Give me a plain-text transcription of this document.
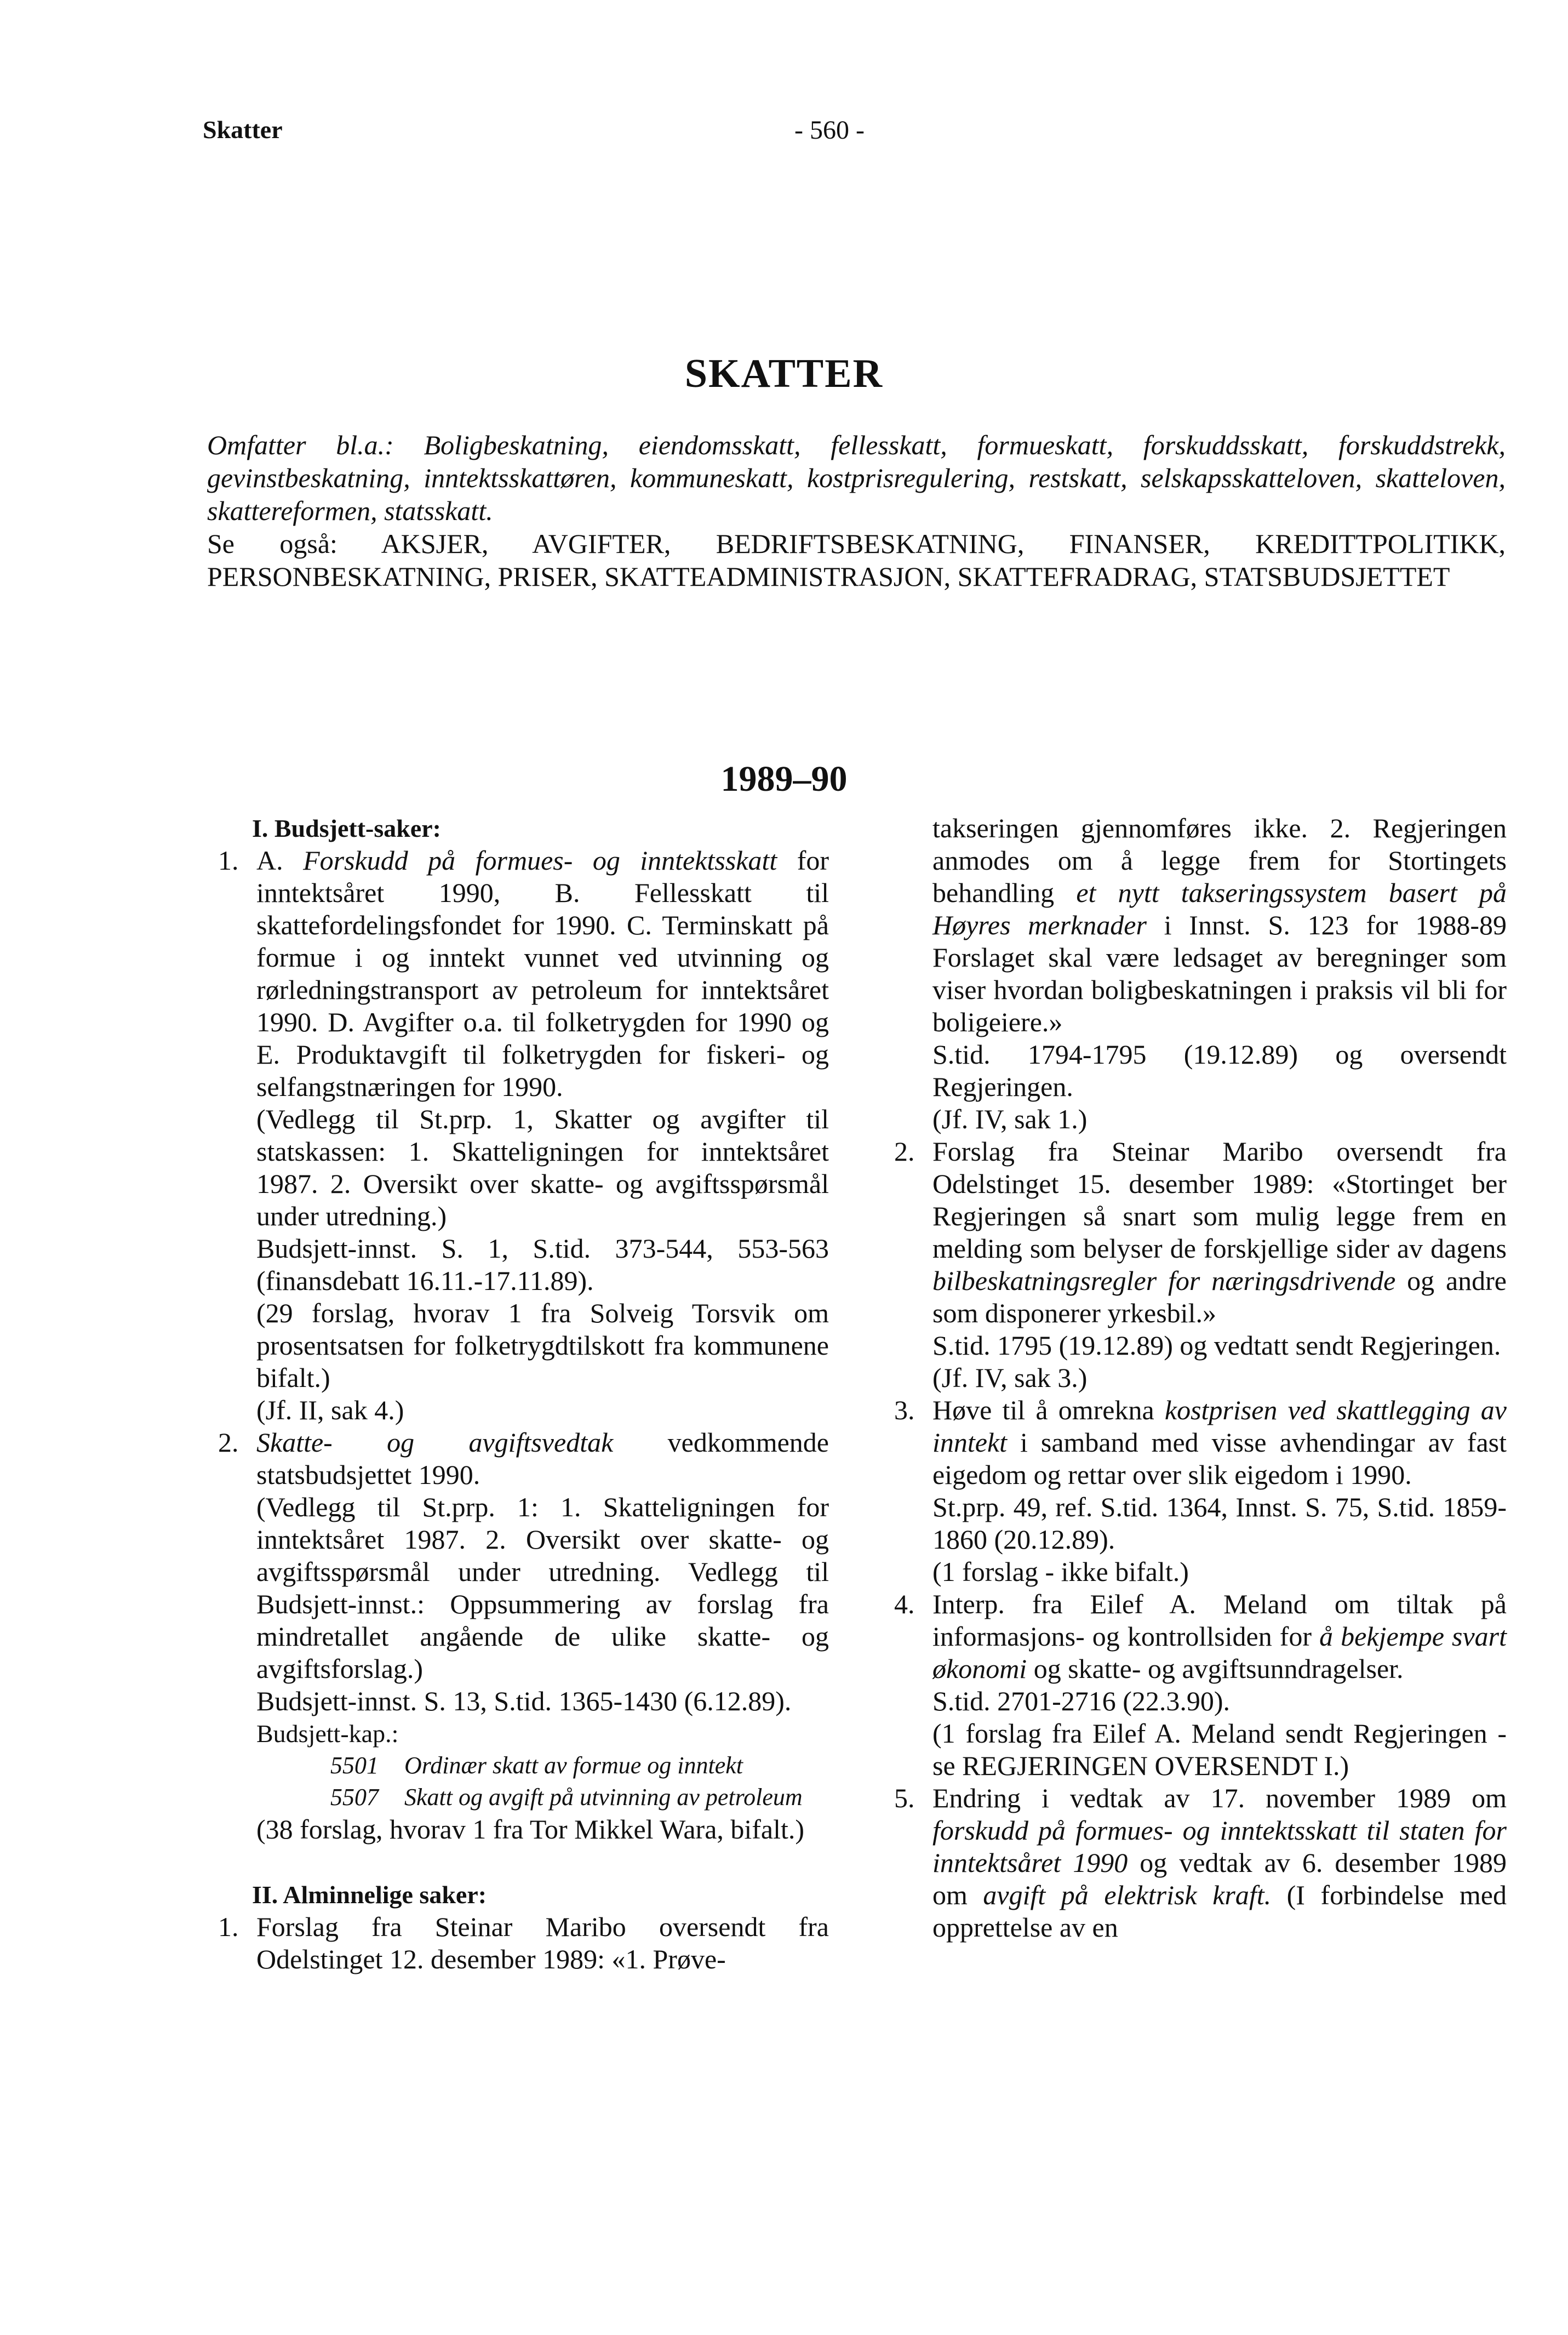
Skatter	- 560 -
SKATTER
Omfatter bl.a.: Boligbeskatning, eiendomsskatt, fellesskatt, formueskatt, forskuddsskatt, forskuddstrekk, gevinstbeskatning, inntektsskattøren, kommuneskatt, kostprisregulering, restskatt, selskapsskatteloven, skatteloven, skattereformen, statsskatt.
Se også: AKSJER, AVGIFTER, BEDRIFTSBESKATNING, FINANSER, KREDITTPOLITIKK, PERSONBESKATNING, PRISER, SKATTEADMINISTRASJON, SKATTEFRADRAG, STATSBUDSJETTET
1989–90
I. Budsjett-saker:
1. A. Forskudd på formues- og inntektsskatt for inntektsåret 1990, B. Fellesskatt til skattefordelingsfondet for 1990. C. Terminskatt på formue i og inntekt vunnet ved utvinning og rørledningstransport av petroleum for inntektsåret 1990. D. Avgifter o.a. til folketrygden for 1990 og E. Produktavgift til folketrygden for fiskeri- og selfangstnæringen for 1990.

(Vedlegg til St.prp. 1, Skatter og avgifter til statskassen: 1. Skatteligningen for inntektsåret 1987. 2. Oversikt over skatte- og avgiftsspørsmål under utredning.)

Budsjett-innst. S. 1, S.tid. 373-544, 553-563 (finansdebatt 16.11.-17.11.89).

(29 forslag, hvorav 1 fra Solveig Torsvik om prosentsatsen for folketrygdtilskott fra kommunene bifalt.)

(Jf. II, sak 4.)

2. Skatte- og avgiftsvedtak vedkommende statsbudsjettet 1990.

(Vedlegg til St.prp. 1: 1. Skatteligningen for inntektsåret 1987. 2. Oversikt over skatte- og avgiftsspørsmål under utredning. Vedlegg til Budsjett-innst.: Oppsummering av forslag fra mindretallet angående de ulike skatte- og avgiftsforslag.)

Budsjett-innst. S. 13, S.tid. 1365-1430 (6.12.89).

Budsjett-kap.:

5501 Ordinær skatt av formue og inntekt
5507 Skatt og avgift på utvinning av petroleum

(38 forslag, hvorav 1 fra Tor Mikkel Wara, bifalt.)

II. Alminnelige saker:
1. Forslag fra Steinar Maribo oversendt fra Odelstinget 12. desember 1989: «1. Prøve-

takseringen gjennomføres ikke. 2. Regjeringen anmodes om å legge frem for Stortingets behandling et nytt takseringssystem basert på Høyres merknader i Innst. S. 123 for 1988-89 Forslaget skal være ledsaget av beregninger som viser hvordan boligbeskatningen i praksis vil bli for boligeiere.»

S.tid. 1794-1795 (19.12.89) og oversendt Regjeringen.

(Jf. IV, sak 1.)

2. Forslag fra Steinar Maribo oversendt fra Odelstinget 15. desember 1989: «Stortinget ber Regjeringen så snart som mulig legge frem en melding som belyser de forskjellige sider av dagens bilbeskatningsregler for næringsdrivende og andre som disponerer yrkesbil.»

S.tid. 1795 (19.12.89) og vedtatt sendt Regjeringen.

(Jf. IV, sak 3.)

3. Høve til å omrekna kostprisen ved skattlegging av inntekt i samband med visse avhendingar av fast eigedom og rettar over slik eigedom i 1990.

St.prp. 49, ref. S.tid. 1364, Innst. S. 75, S.tid. 1859- 1860 (20.12.89).

(1 forslag - ikke bifalt.)

4. Interp. fra Eilef A. Meland om tiltak på informasjons- og kontrollsiden for å bekjempe svart økonomi og skatte- og avgiftsunndragelser.

S.tid. 2701-2716 (22.3.90).

(1 forslag fra Eilef A. Meland sendt Regjeringen - se REGJERINGEN OVERSENDT I.)

5. Endring i vedtak av 17. november 1989 om forskudd på formues- og inntektsskatt til staten for inntektsåret 1990 og vedtak av 6. desember 1989 om avgift på elektrisk kraft. (I forbindelse med opprettelse av en
